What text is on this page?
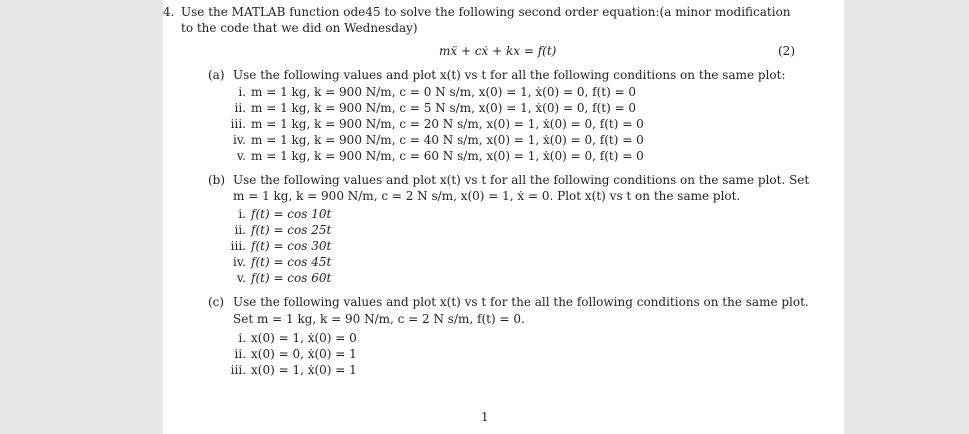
4. Use the MATLAB function ode45 to solve the following second order equation:(a minor modification
to the code that we did on Wednesday)
mẍ + cẋ + kx = f(t)	(2)
(a) Use the following values and plot x(t) vs t for all the following conditions on the same plot:
i. m = 1 kg, k = 900 N/m, c = 0 N s/m, x(0) = 1, ẋ(0) = 0, f(t) = 0
ii. m = 1 kg, k = 900 N/m, c = 5 N s/m, x(0) = 1, ẋ(0) = 0, f(t) = 0
iii. m = 1 kg, k = 900 N/m, c = 20 N s/m, x(0) = 1, ẋ(0) = 0, f(t) = 0
iv. m = 1 kg, k = 900 N/m, c = 40 N s/m, x(0) = 1, ẋ(0) = 0, f(t) = 0
v. m = 1 kg, k = 900 N/m, c = 60 N s/m, x(0) = 1, ẋ(0) = 0, f(t) = 0
(b) Use the following values and plot x(t) vs t for all the following conditions on the same plot. Set
m = 1 kg, k = 900 N/m, c = 2 N s/m, x(0) = 1, ẋ = 0. Plot x(t) vs t on the same plot.
i. f(t) = cos 10t
ii. f(t) = cos 25t
iii. f(t) = cos 30t
iv. f(t) = cos 45t
v. f(t) = cos 60t
(c) Use the following values and plot x(t) vs t for the all the following conditions on the same plot.
Set m = 1 kg, k = 90 N/m, c = 2 N s/m, f(t) = 0.
i. x(0) = 1, ẋ(0) = 0
ii. x(0) = 0, ẋ(0) = 1
iii. x(0) = 1, ẋ(0) = 1
1
